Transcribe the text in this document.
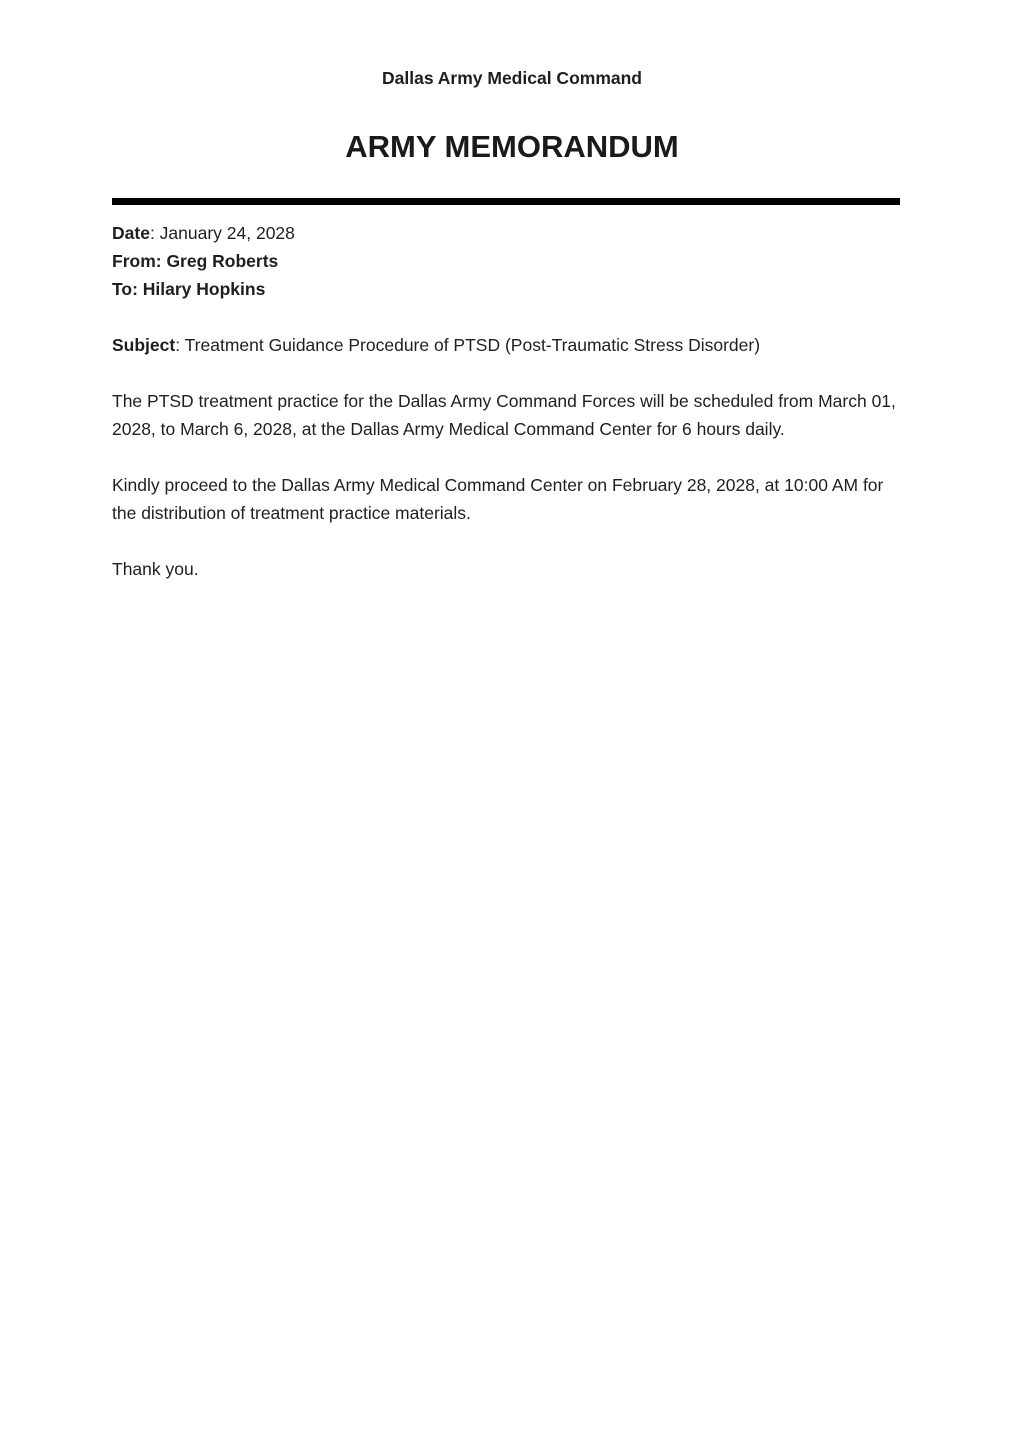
Dallas Army Medical Command
ARMY MEMORANDUM
Date: January 24, 2028
From: Greg Roberts
To: Hilary Hopkins
Subject: Treatment Guidance Procedure of PTSD (Post-Traumatic Stress Disorder)

The PTSD treatment practice for the Dallas Army Command Forces will be scheduled from March 01,
2028, to March 6, 2028, at the Dallas Army Medical Command Center for 6 hours daily.

Kindly proceed to the Dallas Army Medical Command Center on February 28, 2028, at 10:00 AM for
the distribution of treatment practice materials.

Thank you.
